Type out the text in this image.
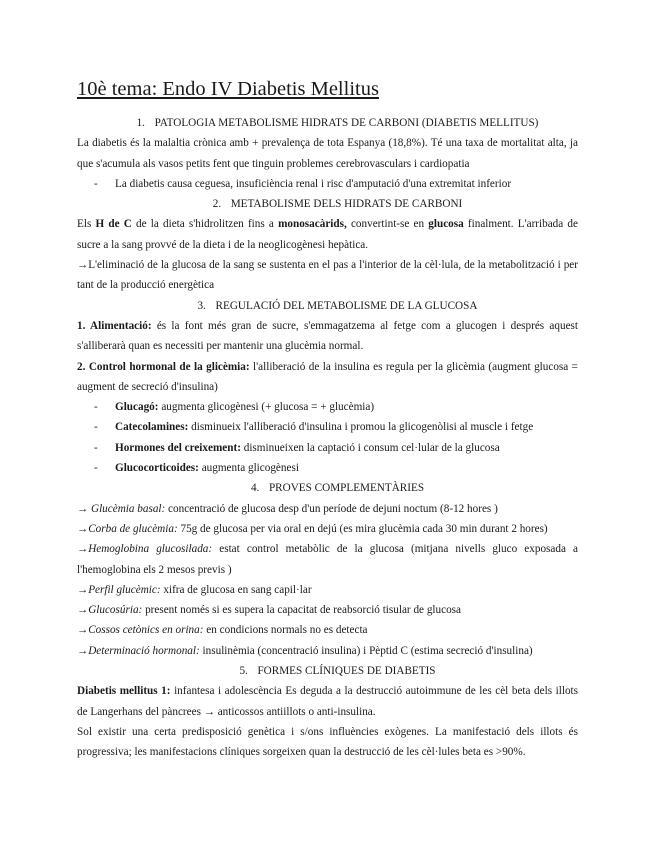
10è tema: Endo IV Diabetis Mellitus
1. PATOLOGIA METABOLISME HIDRATS DE CARBONI (DIABETIS MELLITUS)
La diabetis és la malaltia crònica amb + prevalença de tota Espanya (18,8%). Té una taxa de mortalitat alta, ja que s'acumula als vasos petits fent que tinguin problemes cerebrovasculars i cardiopatia
- La diabetis causa ceguesa, insuficiència renal i risc d'amputació d'una extremitat inferior
2. METABOLISME DELS HIDRATS DE CARBONI
Els H de C de la dieta s'hidrolitzen fins a monosacàrids, convertint-se en glucosa finalment. L'arribada de sucre a la sang provvé de la dieta i de la neoglicogènesi hepàtica.
→L'eliminació de la glucosa de la sang se sustenta en el pas a l'interior de la cèl·lula, de la metabolització i per tant de la producció energètica
3. REGULACIÓ DEL METABOLISME DE LA GLUCOSA
1. Alimentació: és la font més gran de sucre, s'emmagatzema al fetge com a glucogen i després aquest s'alliberarà quan es necessiti per mantenir una glucèmia normal.
2. Control hormonal de la glicèmia: l'alliberació de la insulina es regula per la glicèmia (augment glucosa = augment de secreció d'insulina)
- Glucagó: augmenta glicogènesi (+ glucosa = + glucèmia)
- Catecolamines: disminueix l'alliberació d'insulina i promou la glicogenòlisi al muscle i fetge
- Hormones del creixement: disminueixen la captació i consum cel·lular de la glucosa
- Glucocorticoides: augmenta glicogènesi
4. PROVES COMPLEMENTÀRIES
→ Glucèmia basal: concentració de glucosa desp d'un període de dejuni noctum (8-12 hores )
→Corba de glucèmia: 75g de glucosa per via oral en dejú (es mira glucèmia cada 30 min durant 2 hores)
→Hemoglobina glucosilada: estat control metabòlic de la glucosa (mitjana nivells gluco exposada a l'hemoglobina els 2 mesos previs )
→Perfil glucèmic: xifra de glucosa en sang capil·lar
→Glucosúria: present només si es supera la capacitat de reabsorció tisular de glucosa
→Cossos cetònics en orina: en condicions normals no es detecta
→Determinació hormonal: insulinèmia (concentració insulina) i Pèptid C (estima secreció d'insulina)
5. FORMES CLÍNIQUES DE DIABETIS
Diabetis mellitus 1: infantesa i adolescència Es deguda a la destrucció autoimmune de les cèl beta dels illots de Langerhans del pàncrees → anticossos antiillots o anti-insulina.
Sol existir una certa predisposició genètica i s/ons influències exògenes. La manifestació dels illots és progressiva; les manifestacions clíniques sorgeixen quan la destrucció de les cèl·lules beta es >90%.
